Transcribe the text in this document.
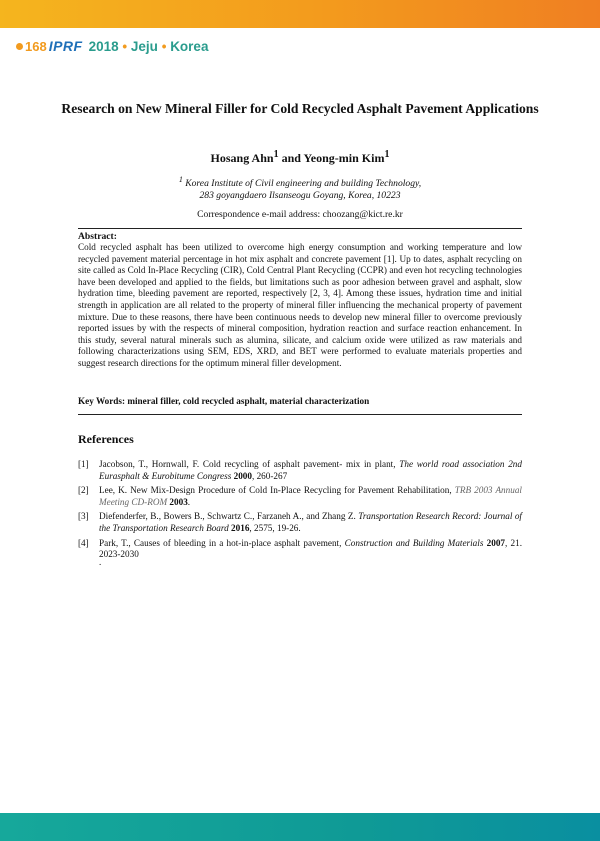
168 IPRF 2018 • Jeju • Korea
Research on New Mineral Filler for Cold Recycled Asphalt Pavement Applications
Hosang Ahn$^1$ and Yeong-min Kim$^1$
$^1$ Korea Institute of Civil engineering and building Technology,
283 goyangdaero Ilsanseogu Goyang, Korea, 10223
Correspondence e-mail address: choozang@kict.re.kr
Abstract:

Cold recycled asphalt has been utilized to overcome high energy consumption and working temperature and low recycled pavement material percentage in hot mix asphalt and concrete pavement [1]. Up to dates, asphalt recycling on site called as Cold In-Place Recycling (CIR), Cold Central Plant Recycling (CCPR) and even hot recycling technologies have been developed and applied to the fields, but limitations such as poor adhesion between gravel and asphalt, slow hydration time, bleeding pavement are reported, respectively [2, 3, 4]. Among these issues, hydration time and initial strength in application are all related to the property of mineral filler influencing the mechanical property of pavement mixture. Due to these reasons, there have been continuous needs to develop new mineral filler to overcome previously reported issues by with the respects of mineral composition, hydration reaction and surface reaction enhancement. In this study, several natural minerals such as alumina, silicate, and calcium oxide were utilized as raw materials and following characterizations using SEM, EDS, XRD, and BET were performed to evaluate materials properties and suggest research directions for the optimum mineral filler development.

Key Words: mineral filler, cold recycled asphalt, material characterization
References
[1]	Jacobson, T., Hornwall, F. Cold recycling of asphalt pavement- mix in plant, The world road association 2nd Eurasphalt & Eurobitume Congress 2000, 260-267
[2]	Lee, K. New Mix-Design Procedure of Cold In-Place Recycling for Pavement Rehabilitation, TRB 2003 Annual Meeting CD-ROM 2003.
[3]	Diefenderfer, B., Bowers B., Schwartz C., Farzaneh A., and Zhang Z. Transportation Research Record: Journal of the Transportation Research Board 2016, 2575, 19-26.
[4]	Park, T., Causes of bleeding in a hot-in-place asphalt pavement, Construction and Building Materials 2007, 21. 2023-2030
.
